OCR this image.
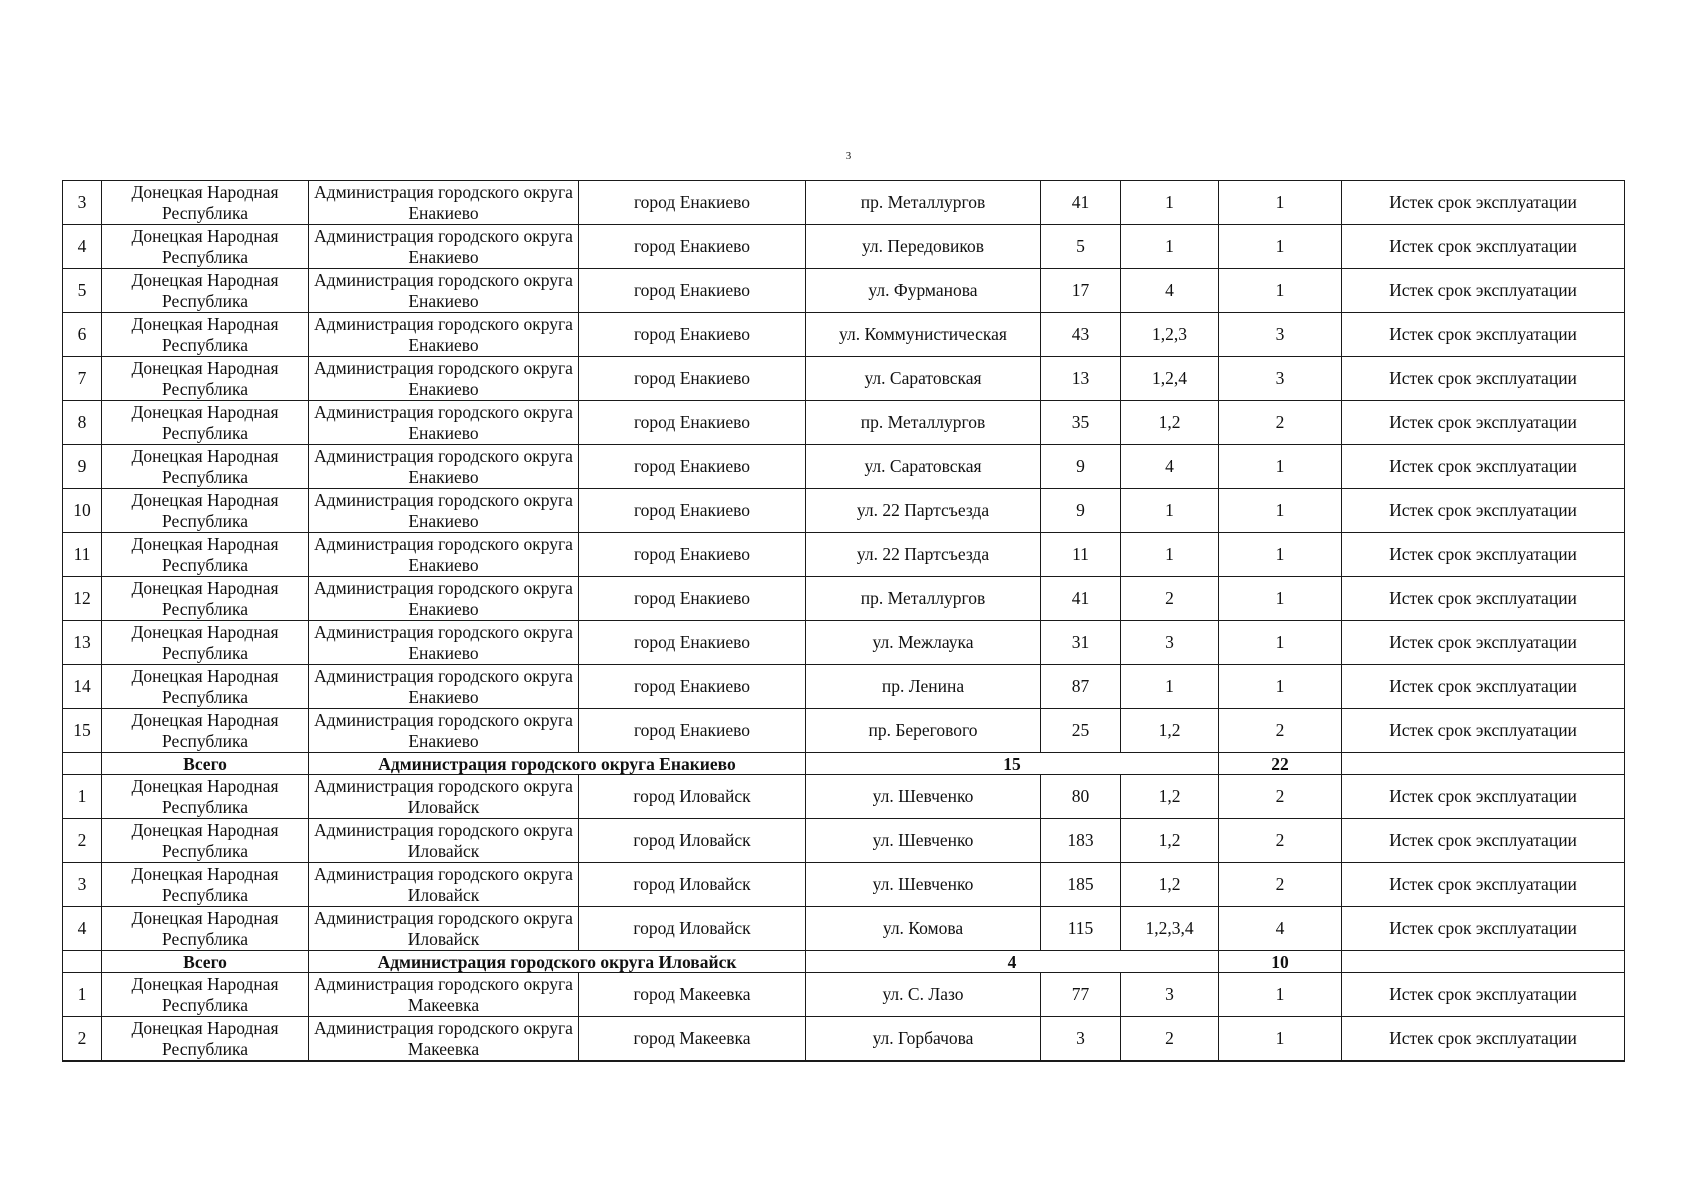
3
3	Донецкая Народная Республика	Администрация городского округа Енакиево	город Енакиево	пр. Металлургов	41	1	1	Истек срок эксплуатации
4	Донецкая Народная Республика	Администрация городского округа Енакиево	город Енакиево	ул. Передовиков	5	1	1	Истек срок эксплуатации
5	Донецкая Народная Республика	Администрация городского округа Енакиево	город Енакиево	ул. Фурманова	17	4	1	Истек срок эксплуатации
6	Донецкая Народная Республика	Администрация городского округа Енакиево	город Енакиево	ул. Коммунистическая	43	1,2,3	3	Истек срок эксплуатации
7	Донецкая Народная Республика	Администрация городского округа Енакиево	город Енакиево	ул. Саратовская	13	1,2,4	3	Истек срок эксплуатации
8	Донецкая Народная Республика	Администрация городского округа Енакиево	город Енакиево	пр. Металлургов	35	1,2	2	Истек срок эксплуатации
9	Донецкая Народная Республика	Администрация городского округа Енакиево	город Енакиево	ул. Саратовская	9	4	1	Истек срок эксплуатации
10	Донецкая Народная Республика	Администрация городского округа Енакиево	город Енакиево	ул. 22 Партсъезда	9	1	1	Истек срок эксплуатации
11	Донецкая Народная Республика	Администрация городского округа Енакиево	город Енакиево	ул. 22 Партсъезда	11	1	1	Истек срок эксплуатации
12	Донецкая Народная Республика	Администрация городского округа Енакиево	город Енакиево	пр. Металлургов	41	2	1	Истек срок эксплуатации
13	Донецкая Народная Республика	Администрация городского округа Енакиево	город Енакиево	ул. Межлаука	31	3	1	Истек срок эксплуатации
14	Донецкая Народная Республика	Администрация городского округа Енакиево	город Енакиево	пр. Ленина	87	1	1	Истек срок эксплуатации
15	Донецкая Народная Республика	Администрация городского округа Енакиево	город Енакиево	пр. Берегового	25	1,2	2	Истек срок эксплуатации
	Всего	Администрация городского округа Енакиево		15			22	
1	Донецкая Народная Республика	Администрация городского округа Иловайск	город Иловайск	ул. Шевченко	80	1,2	2	Истек срок эксплуатации
2	Донецкая Народная Республика	Администрация городского округа Иловайск	город Иловайск	ул. Шевченко	183	1,2	2	Истек срок эксплуатации
3	Донецкая Народная Республика	Администрация городского округа Иловайск	город Иловайск	ул. Шевченко	185	1,2	2	Истек срок эксплуатации
4	Донецкая Народная Республика	Администрация городского округа Иловайск	город Иловайск	ул. Комова	115	1,2,3,4	4	Истек срок эксплуатации
	Всего	Администрация городского округа Иловайск		4			10	
1	Донецкая Народная Республика	Администрация городского округа Макеевка	город Макеевка	ул. С. Лазо	77	3	1	Истек срок эксплуатации
2	Донецкая Народная Республика	Администрация городского округа Макеевка	город Макеевка	ул. Горбачова	3	2	1	Истек срок эксплуатации
